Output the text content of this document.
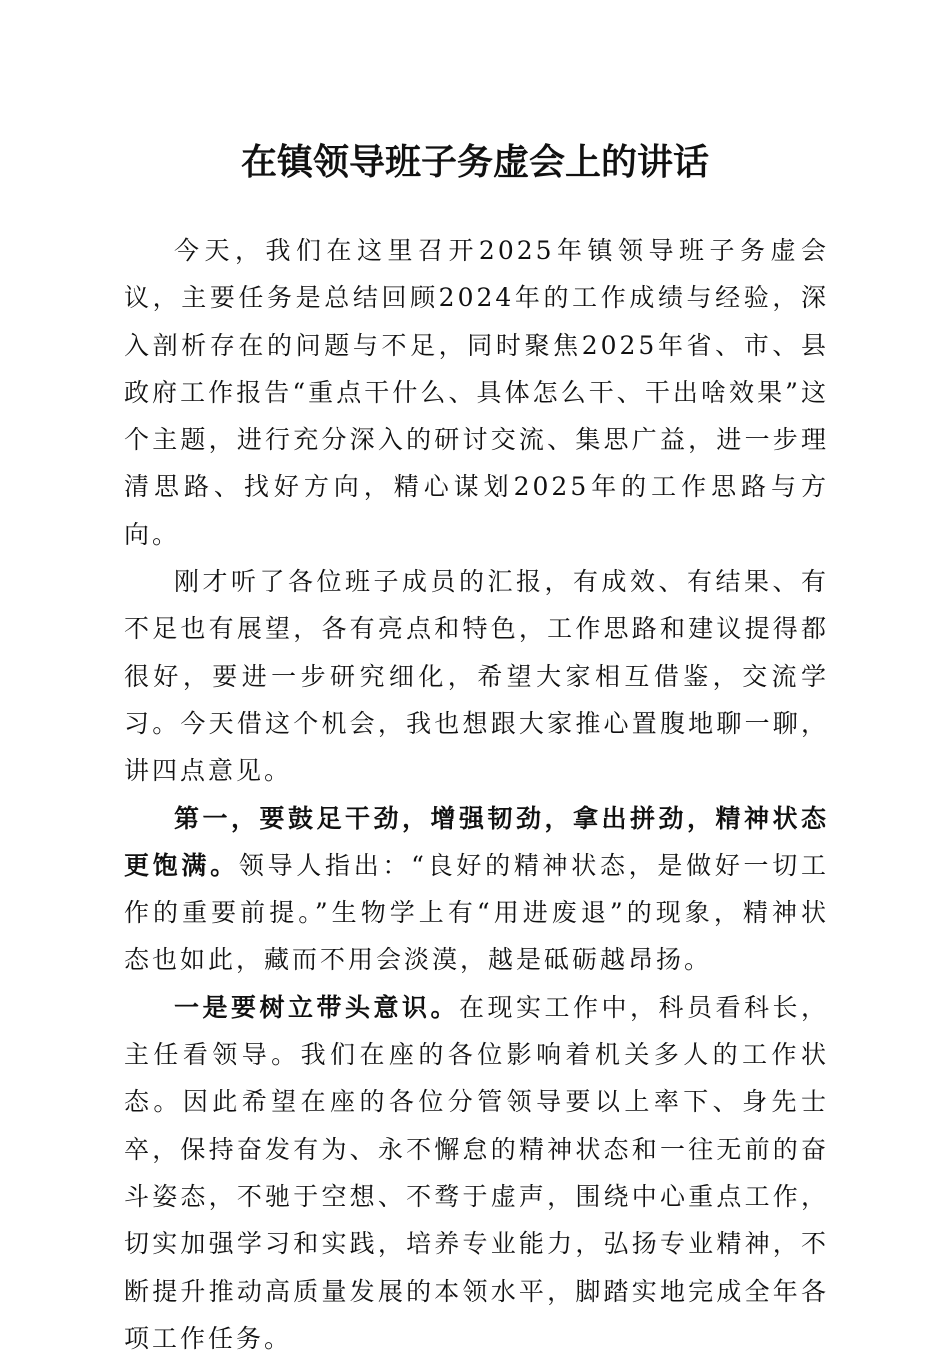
在镇领导班子务虚会上的讲话

今天，我们在这里召开2025年镇领导班子务虚会议，主要任务是总结回顾2024年的工作成绩与经验，深入剖析存在的问题与不足，同时聚焦2025年省、市、县政府工作报告“重点干什么、具体怎么干、干出啥效果”这个主题，进行充分深入的研讨交流、集思广益，进一步理清思路、找好方向，精心谋划2025年的工作思路与方向。

刚才听了各位班子成员的汇报，有成效、有结果、有不足也有展望，各有亮点和特色，工作思路和建议提得都很好，要进一步研究细化，希望大家相互借鉴，交流学习。今天借这个机会，我也想跟大家推心置腹地聊一聊，讲四点意见。

第一，要鼓足干劲，增强韧劲，拿出拼劲，精神状态更饱满。领导人指出：“良好的精神状态，是做好一切工作的重要前提。”生物学上有“用进废退”的现象，精神状态也如此，藏而不用会淡漠，越是砥砺越昂扬。

一是要树立带头意识。在现实工作中，科员看科长，主任看领导。我们在座的各位影响着机关多人的工作状态。因此希望在座的各位分管领导要以上率下、身先士卒，保持奋发有为、永不懈怠的精神状态和一往无前的奋斗姿态，不驰于空想、不骛于虚声，围绕中心重点工作，切实加强学习和实践，培养专业能力，弘扬专业精神，不断提升推动高质量发展的本领水平，脚踏实地完成全年各项工作任务。
